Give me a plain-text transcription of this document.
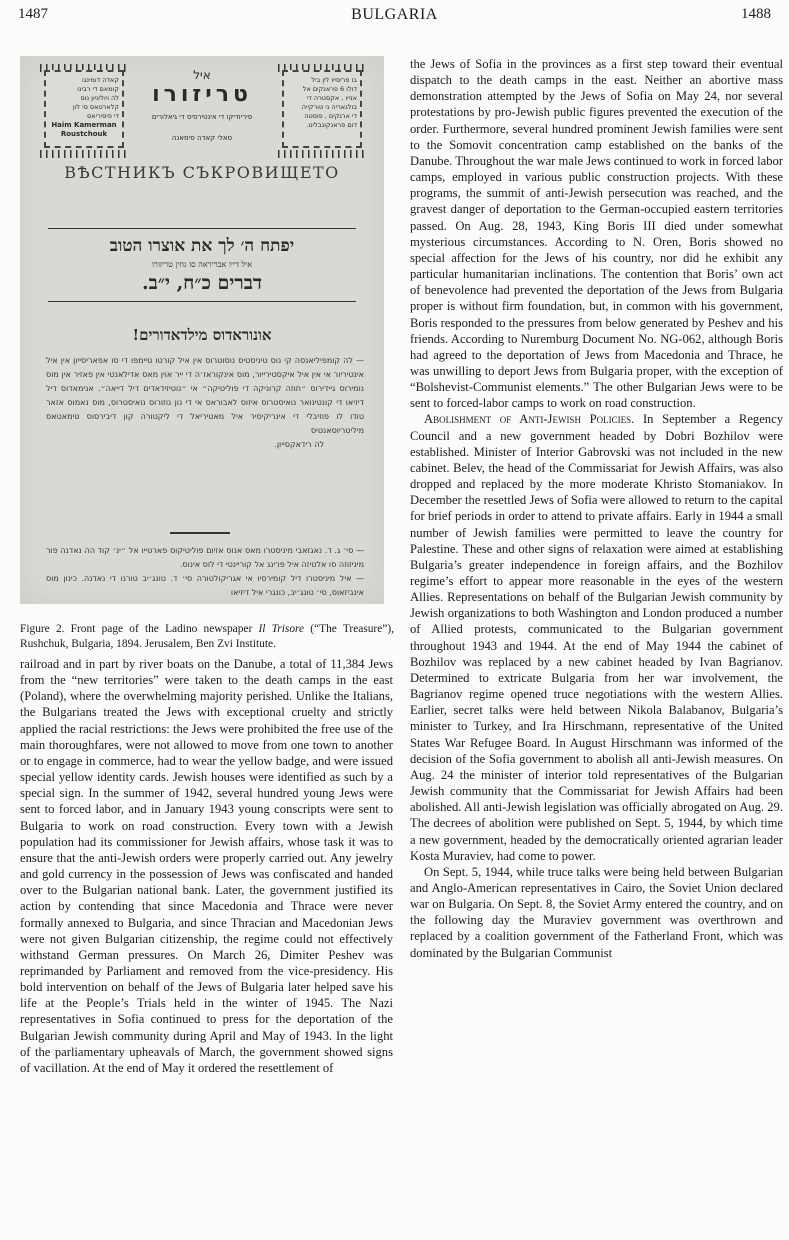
1487	BULGARIA	1488
קאדה דומינגו
קומאם די רבינו
לה ויוליגיון נוס
קלארטאס סי לון
די פיסיריאס
Haim Kamerman
Roustchouk
איל
טריזורו
פיריודיקו די אינטירסיס די גיאלורים
סאלי קאדה סימאנה
בו פריסייו לין ביל
דולו 6 פראנקים אל
אנייו , אקסטרה די
בולגאריה ני טורקייה
די ארנקים , פוסטה
דום פראנקונבלינו.
ВѢСТНИКЪ СЪКРОВИЩЕТО
יפתח ה׳ לך את אוצרו הטוב
איל דייו אבריראה סו גוזין טריזורו
דברים כ״ח, י״ב.
אונוראדוס מילדאדורים!
— לה קומפיליאנסה קי נוס טיניסטיס נוסוטרוס אין איל קורטו טיימפו די סו אפאריסייון אין איל אינטיריור אי אין איל איקסטירייור, מוס אינקוראז׳ה די ייר אוין מאס אדילאנטי אין פאזיר אין מוס נומירוס גיידירוס ״חוזה קרוניקה די פוליטיקה״ אי ״נוטיזידאדים דיל דייאה״. אנימאדוס דיל דיזיאו די קונטינואר נואיסטרוס איזוס לאבוראס אי די נון נוזורוס נואיסטרוס, מוס נאמוס אזאר טודו לו פוזיבלי די אינריקיסיר איל מאטיריאל די ליקטורה קון דיבירסוס טימאטאס מיליטריוסאנטיס
לה רידאקסייון.
— סי׳ ג. ד. נאגזאבי מיניסטרו מאס אנוס אזיום פוליטיקוס פארטייו אל ״ינ׳ קוד הה נאדנה פור מיניזוזה סו אלטיזה איל פרינג אל קוריינטי די לוס אינוס.
— איל מיניסטרו דיל קומירסיו אי אגריקולטורה סי׳ ד. טונג׳יב טורנו די נאדנה. כינון מוס אינביזאוס, סי׳ טונג׳יב, כונגרי איל דיזיאו
Figure 2. Front page of the Ladino newspaper Il Trisore (“The Treasure”), Rushchuk, Bulgaria, 1894. Jerusalem, Ben Zvi Institute.

railroad and in part by river boats on the Danube, a total of 11,384 Jews from the “new territories” were taken to the death camps in the east (Poland), where the overwhelming majority perished. Unlike the Italians, the Bulgarians treated the Jews with exceptional cruelty and strictly applied the racial restrictions: the Jews were prohibited the free use of the main thoroughfares, were not allowed to move from one town to another or to engage in commerce, had to wear the yellow badge, and were issued special yellow identity cards. Jewish houses were identified as such by a special sign. In the summer of 1942, several hundred young Jews were sent to forced labor, and in January 1943 young conscripts were sent to Bulgaria to work on road construction. Every town with a Jewish population had its commissioner for Jewish affairs, whose task it was to ensure that the anti-Jewish orders were properly carried out. Any jewelry and gold currency in the possession of Jews was confiscated and handed over to the Bulgarian national bank. Later, the government justified its action by contending that since Macedonia and Thrace were never formally annexed to Bulgaria, and since Thracian and Macedonian Jews were not given Bulgarian citizenship, the regime could not effectively withstand German pressures. On March 26, Dimiter Peshev was reprimanded by Parliament and removed from the vice-presidency. His bold intervention on behalf of the Jews of Bulgaria later helped save his life at the People’s Trials held in the winter of 1945. The Nazi representatives in Sofia continued to press for the deportation of the Bulgarian Jewish community during April and May of 1943. In the light of the parliamentary upheavals of March, the government showed signs of vacillation. At the end of May it ordered the resettlement of

the Jews of Sofia in the provinces as a first step toward their eventual dispatch to the death camps in the east. Neither an abortive mass demonstration attempted by the Jews of Sofia on May 24, nor several protestations by pro-Jewish public figures prevented the execution of the order. Furthermore, several hundred prominent Jewish families were sent to the Somovit concentration camp established on the banks of the Danube. Throughout the war male Jews continued to work in forced labor camps, employed in various public construction projects. With these programs, the summit of anti-Jewish persecution was reached, and the gravest danger of deportation to the German-occupied eastern territories passed. On Aug. 28, 1943, King Boris III died under somewhat mysterious circumstances. According to N. Oren, Boris showed no special affection for the Jews of his country, nor did he exhibit any particular humanitarian inclinations. The contention that Boris’ own act of benevolence had prevented the deportation of the Jews from Bulgaria proper is without firm foundation, but, in common with his government, Boris responded to the pressures from below generated by Peshev and his friends. According to Nuremburg Document No. NG-062, although Boris had agreed to the deportation of Jews from Macedonia and Thrace, he was unwilling to deport Jews from Bulgaria proper, with the exception of “Bolshevist-Communist elements.” The other Bulgarian Jews were to be sent to forced-labor camps to work on road construction.

Abolishment of Anti-Jewish Policies. In September a Regency Council and a new government headed by Dobri Bozhilov were established. Minister of Interior Gabrovski was not included in the new cabinet. Belev, the head of the Commissariat for Jewish Affairs, was also dropped and replaced by the more moderate Khristo Stomaniakov. In December the resettled Jews of Sofia were allowed to return to the capital for brief periods in order to attend to private affairs. Early in 1944 a small number of Jewish families were permitted to leave the country for Palestine. These and other signs of relaxation were aimed at establishing Bulgaria’s greater independence in foreign affairs, and the Bozhilov regime’s effort to appear more reasonable in the eyes of the western Allies. Representations on behalf of the Bulgarian Jewish community by Jewish organizations to both Washington and London produced a number of Allied protests, communicated to the Bulgarian government throughout 1943 and 1944. At the end of May 1944 the cabinet of Bozhilov was replaced by a new cabinet headed by Ivan Bagrianov. Determined to extricate Bulgaria from her war involvement, the Bagrianov regime opened truce negotiations with the western Allies. Earlier, secret talks were held between Nikola Balabanov, Bulgaria’s minister to Turkey, and Ira Hirschmann, representative of the United States War Refugee Board. In August Hirschmann was informed of the decision of the Sofia government to abolish all anti-Jewish measures. On Aug. 24 the minister of interior told representatives of the Bulgarian Jewish community that the Commissariat for Jewish Affairs had been abolished. All anti-Jewish legislation was officially abrogated on Aug. 29. The decrees of abolition were published on Sept. 5, 1944, by which time a new government, headed by the democratically oriented agrarian leader Kosta Muraviev, had come to power.

On Sept. 5, 1944, while truce talks were being held between Bulgarian and Anglo-American representatives in Cairo, the Soviet Union declared war on Bulgaria. On Sept. 8, the Soviet Army entered the country, and on the following day the Muraviev government was overthrown and replaced by a coalition government of the Fatherland Front, which was dominated by the Bulgarian Communist
